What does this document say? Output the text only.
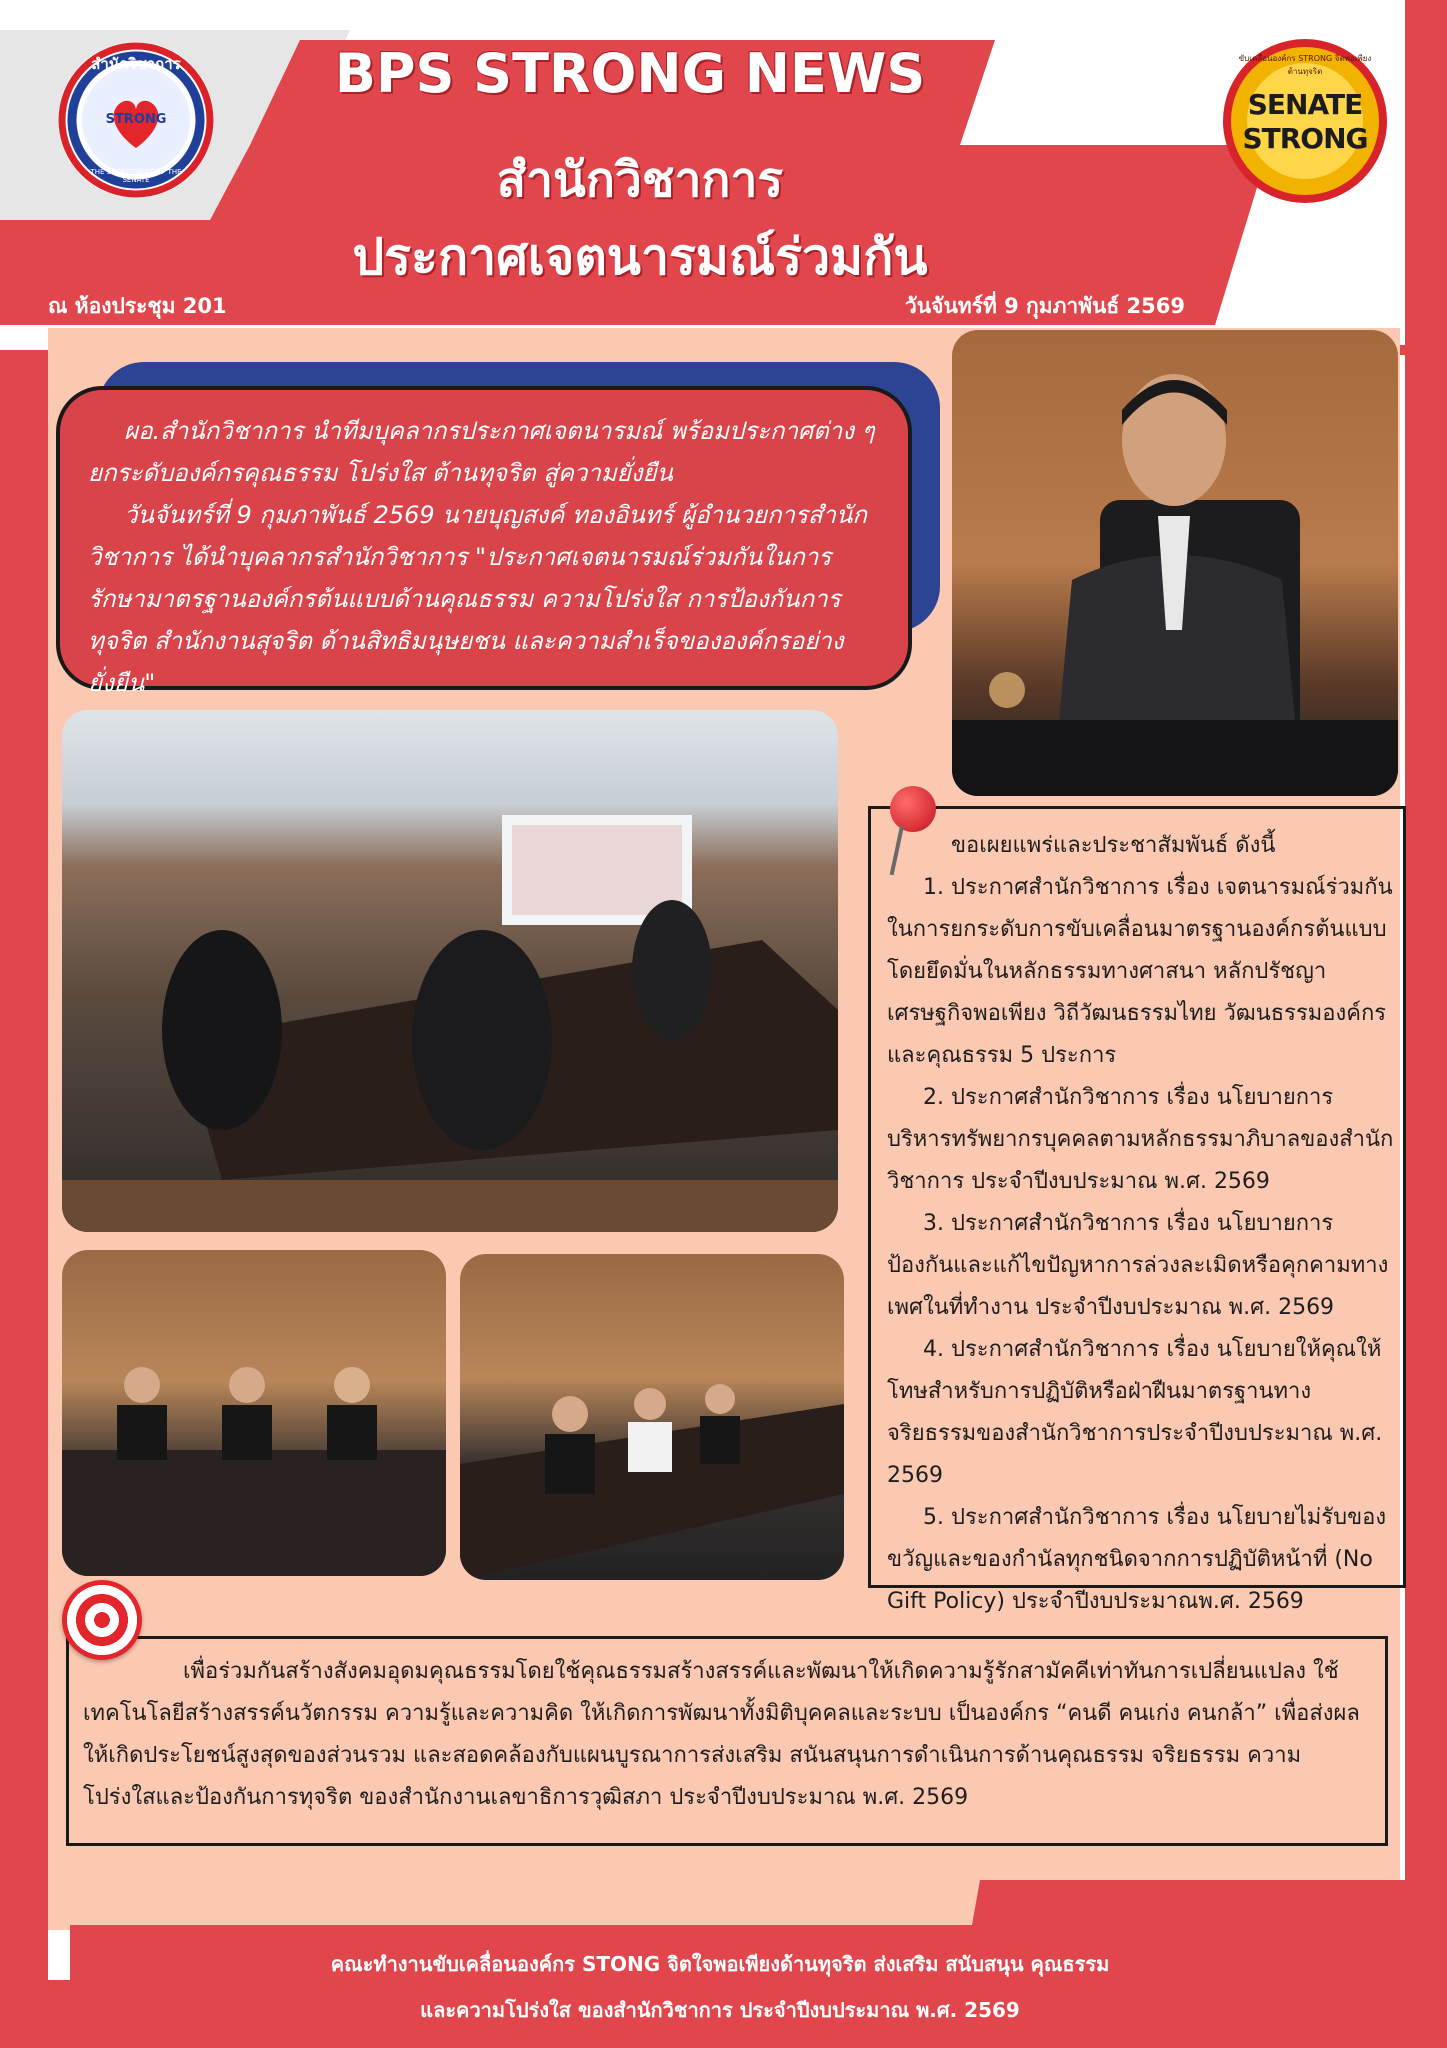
สำนักวิชาการ
STRONG
THE SECRETARIAT OF THE SENATE
ขับเคลื่อนองค์กร STRONG จิตพอเพียงต้านทุจริต
SENATE
STRONG
BPS STRONG NEWS
สำนักวิชาการ
ประกาศเจตนารมณ์ร่วมกัน
ณ ห้องประชุม 201	วันจันทร์ที่ 9 กุมภาพันธ์ 2569

ผอ.สำนักวิชาการ นำทีมบุคลากรประกาศเจตนารมณ์ พร้อมประกาศต่าง ๆ ยกระดับองค์กรคุณธรรม โปร่งใส ต้านทุจริต สู่ความยั่งยืน

วันจันทร์ที่ 9 กุมภาพันธ์ 2569 นายบุญสงค์ ทองอินทร์ ผู้อำนวยการสำนักวิชาการ ได้นำบุคลากรสำนักวิชาการ "ประกาศเจตนารมณ์ร่วมกันในการรักษามาตรฐานองค์กรต้นแบบด้านคุณธรรม ความโปร่งใส การป้องกันการทุจริต สำนักงานสุจริต ด้านสิทธิมนุษยชน และความสำเร็จขององค์กรอย่างยั่งยืน"

ขอเผยแพร่และประชาสัมพันธ์ ดังนี้

1. ประกาศสำนักวิชาการ เรื่อง เจตนารมณ์ร่วมกันในการยกระดับการขับเคลื่อนมาตรฐานองค์กรต้นแบบโดยยึดมั่นในหลักธรรมทางศาสนา หลักปรัชญาเศรษฐกิจพอเพียง วิถีวัฒนธรรมไทย วัฒนธรรมองค์กรและคุณธรรม 5 ประการ

2. ประกาศสำนักวิชาการ เรื่อง นโยบายการบริหารทรัพยากรบุคคลตามหลักธรรมาภิบาลของสำนักวิชาการ ประจำปีงบประมาณ พ.ศ. 2569

3. ประกาศสำนักวิชาการ เรื่อง นโยบายการป้องกันและแก้ไขปัญหาการล่วงละเมิดหรือคุกคามทางเพศในที่ทำงาน ประจำปีงบประมาณ พ.ศ. 2569

4. ประกาศสำนักวิชาการ เรื่อง นโยบายให้คุณให้โทษสำหรับการปฏิบัติหรือฝ่าฝืนมาตรฐานทางจริยธรรมของสำนักวิชาการประจำปีงบประมาณ พ.ศ. 2569

5. ประกาศสำนักวิชาการ เรื่อง นโยบายไม่รับของขวัญและของกำนัลทุกชนิดจากการปฏิบัติหน้าที่ (No Gift Policy) ประจำปีงบประมาณพ.ศ. 2569

เพื่อร่วมกันสร้างสังคมอุดมคุณธรรมโดยใช้คุณธรรมสร้างสรรค์และพัฒนาให้เกิดความรู้รักสามัคคีเท่าทันการเปลี่ยนแปลง ใช้เทคโนโลยีสร้างสรรค์นวัตกรรม ความรู้และความคิด ให้เกิดการพัฒนาทั้งมิติบุคคลและระบบ เป็นองค์กร “คนดี คนเก่ง คนกล้า” เพื่อส่งผลให้เกิดประโยชน์สูงสุดของส่วนรวม และสอดคล้องกับแผนบูรณาการส่งเสริม สนันสนุนการดำเนินการด้านคุณธรรม จริยธรรม ความโปร่งใสและป้องกันการทุจริต ของสำนักงานเลขาธิการวุฒิสภา ประจำปีงบประมาณ พ.ศ. 2569

คณะทำงานขับเคลื่อนองค์กร STONG จิตใจพอเพียงด้านทุจริต ส่งเสริม สนับสนุน คุณธรรม
และความโปร่งใส ของสำนักวิชาการ ประจำปีงบประมาณ พ.ศ. 2569
